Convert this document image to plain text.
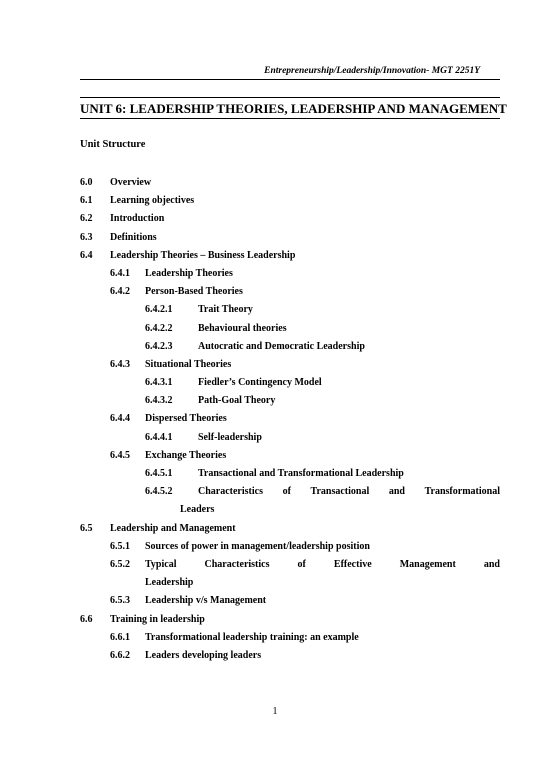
Entrepreneurship/Leadership/Innovation- MGT 2251Y
UNIT 6: LEADERSHIP THEORIES, LEADERSHIP AND MANAGEMENT
Unit Structure
6.0	Overview
6.1	Learning objectives
6.2	Introduction
6.3	Definitions
6.4	Leadership Theories – Business Leadership
6.4.1	Leadership Theories
6.4.2	Person-Based Theories
6.4.2.1	Trait Theory
6.4.2.2	Behavioural theories
6.4.2.3	Autocratic and Democratic Leadership
6.4.3	Situational Theories
6.4.3.1	Fiedler’s Contingency Model
6.4.3.2	Path-Goal Theory
6.4.4	Dispersed Theories
6.4.4.1	Self-leadership
6.4.5	Exchange Theories
6.4.5.1	Transactional and Transformational Leadership
6.4.5.2	Characteristics of Transactional and Transformational
Leaders
6.5	Leadership and Management
6.5.1	Sources of power in management/leadership position
6.5.2	Typical	Characteristics	of	Effective	Management	and
Leadership
6.5.3	Leadership v/s Management
6.6	Training in leadership
6.6.1	Transformational leadership training: an example
6.6.2	Leaders developing leaders
1
